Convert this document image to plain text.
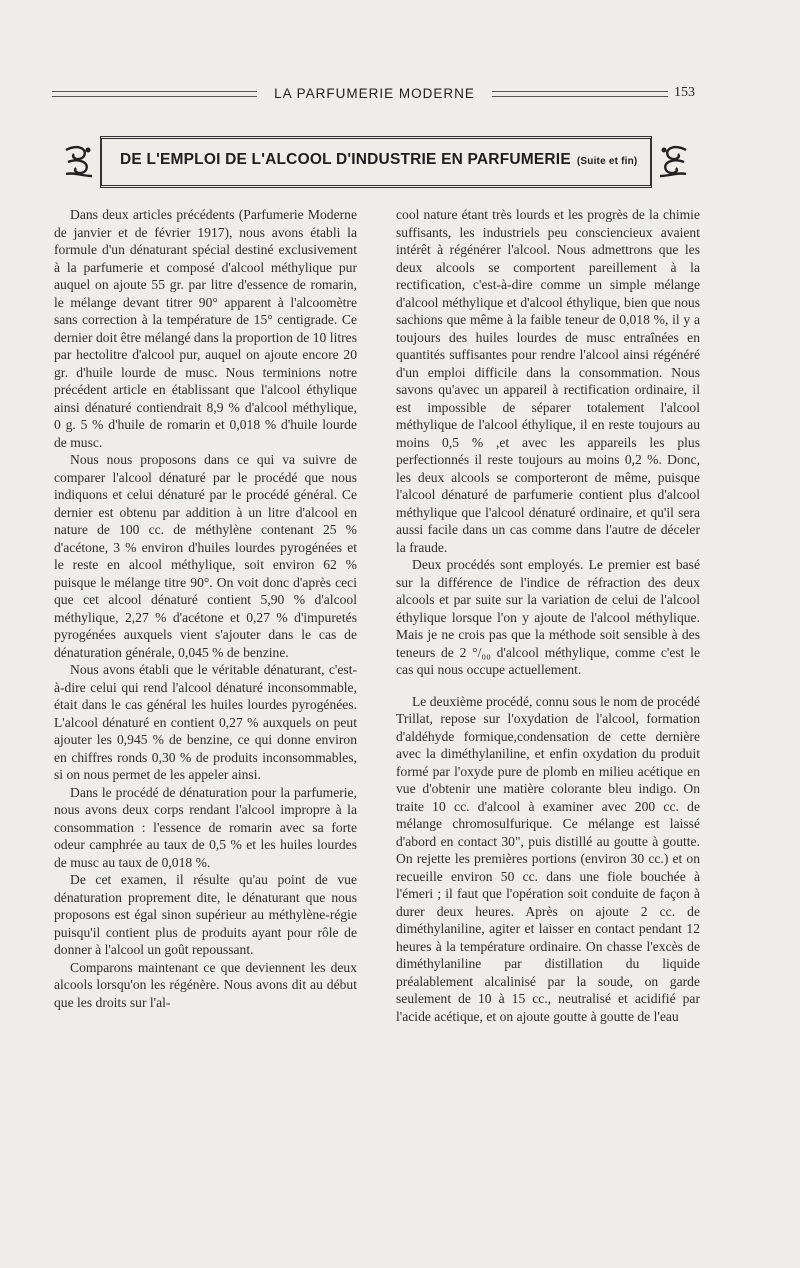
LA PARFUMERIE MODERNE	153
DE L'EMPLOI DE L'ALCOOL D'INDUSTRIE EN PARFUMERIE (Suite et fin)

Dans deux articles précédents (Parfumerie Moderne de janvier et de février 1917), nous avons établi la formule d'un dénaturant spécial destiné exclusivement à la parfumerie et composé d'alcool méthylique pur auquel on ajoute 55 gr. par litre d'essence de romarin, le mélange devant titrer 90° apparent à l'alcoomètre sans correction à la température de 15° centigrade. Ce dernier doit être mélangé dans la proportion de 10 litres par hectolitre d'alcool pur, auquel on ajoute encore 20 gr. d'huile lourde de musc. Nous terminions notre précédent article en établissant que l'alcool éthylique ainsi dénaturé contiendrait 8,9 % d'alcool méthylique, 0 g. 5 % d'huile de romarin et 0,018 % d'huile lourde de musc.

Nous nous proposons dans ce qui va suivre de comparer l'alcool dénaturé par le procédé que nous indiquons et celui dénaturé par le procédé général. Ce dernier est obtenu par addition à un litre d'alcool en nature de 100 cc. de méthylène contenant 25 % d'acétone, 3 % environ d'huiles lourdes pyrogénées et le reste en alcool méthylique, soit environ 62 % puisque le mélange titre 90°. On voit donc d'après ceci que cet alcool dénaturé contient 5,90 % d'alcool méthylique, 2,27 % d'acétone et 0,27 % d'impuretés pyrogénées auxquels vient s'ajouter dans le cas de dénaturation générale, 0,045 % de benzine.

Nous avons établi que le véritable dénaturant, c'est-à-dire celui qui rend l'alcool dénaturé inconsommable, était dans le cas général les huiles lourdes pyrogénées. L'alcool dénaturé en contient 0,27 % auxquels on peut ajouter les 0,945 % de benzine, ce qui donne environ en chiffres ronds 0,30 % de produits inconsommables, si on nous permet de les appeler ainsi.

Dans le procédé de dénaturation pour la parfumerie, nous avons deux corps rendant l'alcool impropre à la consommation : l'essence de romarin avec sa forte odeur camphrée au taux de 0,5 % et les huiles lourdes de musc au taux de 0,018 %.

De cet examen, il résulte qu'au point de vue dénaturation proprement dite, le dénaturant que nous proposons est égal sinon supérieur au méthylène-régie puisqu'il contient plus de produits ayant pour rôle de donner à l'alcool un goût repoussant.

Comparons maintenant ce que deviennent les deux alcools lorsqu'on les régénère. Nous avons dit au début que les droits sur l'al-

cool nature étant très lourds et les progrès de la chimie suffisants, les industriels peu consciencieux avaient intérêt à régénérer l'alcool. Nous admettrons que les deux alcools se comportent pareillement à la rectification, c'est-à-dire comme un simple mélange d'alcool méthylique et d'alcool éthylique, bien que nous sachions que même à la faible teneur de 0,018 %, il y a toujours des huiles lourdes de musc entraînées en quantités suffisantes pour rendre l'alcool ainsi régénéré d'un emploi difficile dans la consommation. Nous savons qu'avec un appareil à rectification ordinaire, il est impossible de séparer totalement l'alcool méthylique de l'alcool éthylique, il en reste toujours au moins 0,5 % ,et avec les appareils les plus perfectionnés il reste toujours au moins 0,2 %. Donc, les deux alcools se comporteront de même, puisque l'alcool dénaturé de parfumerie contient plus d'alcool méthylique que l'alcool dénaturé ordinaire, et qu'il sera aussi facile dans un cas comme dans l'autre de déceler la fraude.

Deux procédés sont employés. Le premier est basé sur la différence de l'indice de réfraction des deux alcools et par suite sur la variation de celui de l'alcool éthylique lorsque l'on y ajoute de l'alcool méthylique. Mais je ne crois pas que la méthode soit sensible à des teneurs de 2 °/₀₀ d'alcool méthylique, comme c'est le cas qui nous occupe actuellement.

Le deuxième procédé, connu sous le nom de procédé Trillat, repose sur l'oxydation de l'alcool, formation d'aldéhyde formique,condensation de cette dernière avec la diméthylaniline, et enfin oxydation du produit formé par l'oxyde pure de plomb en milieu acétique en vue d'obtenir une matière colorante bleu indigo. On traite 10 cc. d'alcool à examiner avec 200 cc. de mélange chromosulfurique. Ce mélange est laissé d'abord en contact 30", puis distillé au goutte à goutte. On rejette les premières portions (environ 30 cc.) et on recueille environ 50 cc. dans une fiole bouchée à l'émeri ; il faut que l'opération soit conduite de façon à durer deux heures. Après on ajoute 2 cc. de diméthylaniline, agiter et laisser en contact pendant 12 heures à la température ordinaire. On chasse l'excès de diméthylaniline par distillation du liquide préalablement alcalinisé par la soude, on garde seulement de 10 à 15 cc., neutralisé et acidifié par l'acide acétique, et on ajoute goutte à goutte de l'eau
